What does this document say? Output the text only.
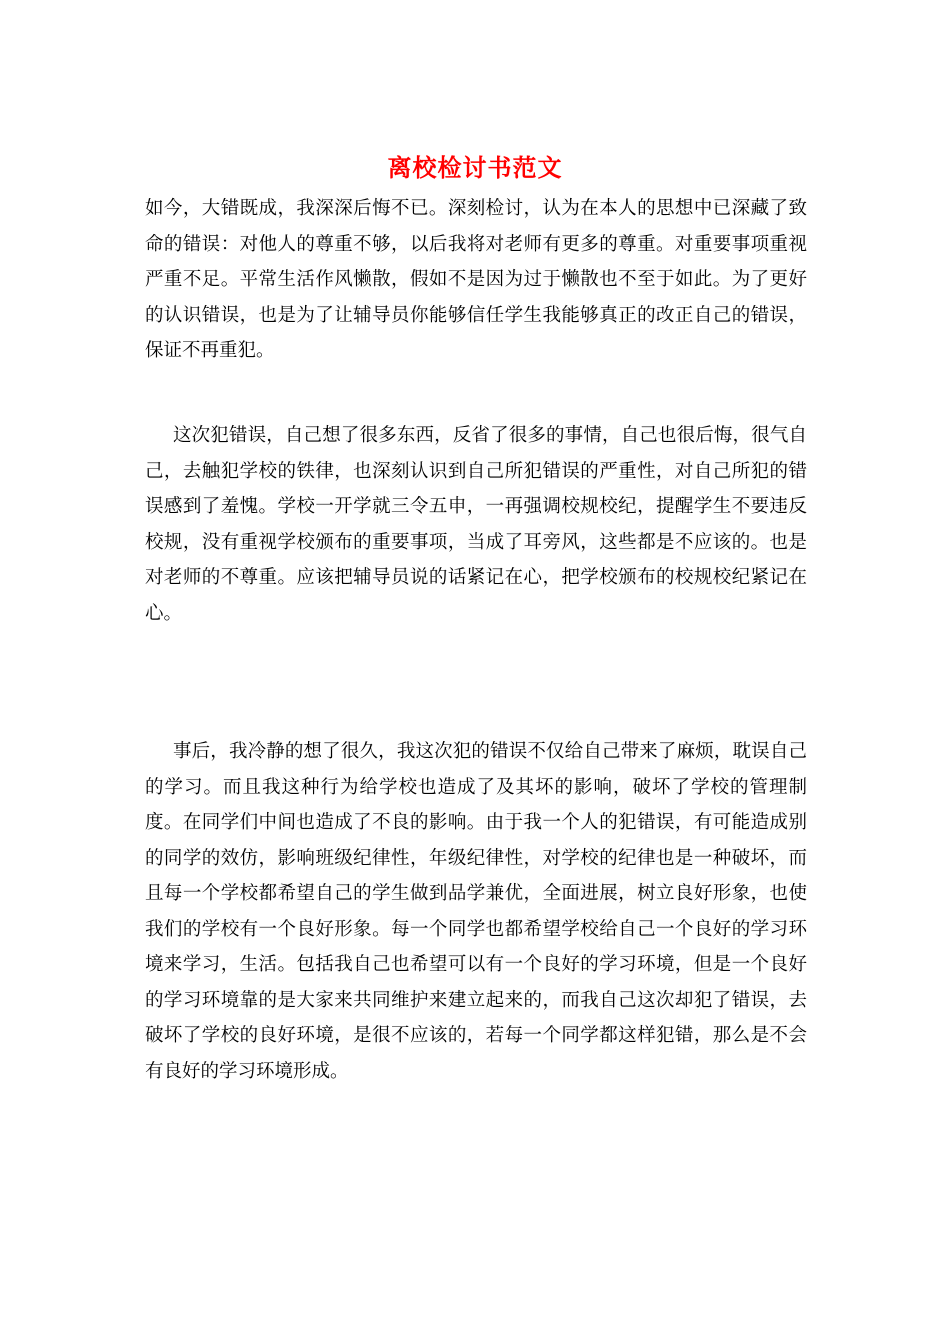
离校检讨书范文

如今，大错既成，我深深后悔不已。深刻检讨，认为在本人的思想中已深藏了致命的错误：对他人的尊重不够，以后我将对老师有更多的尊重。对重要事项重视严重不足。平常生活作风懒散，假如不是因为过于懒散也不至于如此。为了更好的认识错误，也是为了让辅导员你能够信任学生我能够真正的改正自己的错误，保证不再重犯。

这次犯错误，自己想了很多东西，反省了很多的事情，自己也很后悔，很气自己，去触犯学校的铁律，也深刻认识到自己所犯错误的严重性，对自己所犯的错误感到了羞愧。学校一开学就三令五申，一再强调校规校纪，提醒学生不要违反校规，没有重视学校颁布的重要事项，当成了耳旁风，这些都是不应该的。也是对老师的不尊重。应该把辅导员说的话紧记在心，把学校颁布的校规校纪紧记在心。

事后，我冷静的想了很久，我这次犯的错误不仅给自己带来了麻烦，耽误自己的学习。而且我这种行为给学校也造成了及其坏的影响，破坏了学校的管理制度。在同学们中间也造成了不良的影响。由于我一个人的犯错误，有可能造成别的同学的效仿，影响班级纪律性，年级纪律性，对学校的纪律也是一种破坏，而且每一个学校都希望自己的学生做到品学兼优，全面进展，树立良好形象，也使我们的学校有一个良好形象。每一个同学也都希望学校给自己一个良好的学习环境来学习，生活。包括我自己也希望可以有一个良好的学习环境，但是一个良好的学习环境靠的是大家来共同维护来建立起来的，而我自己这次却犯了错误，去破坏了学校的良好环境，是很不应该的，若每一个同学都这样犯错，那么是不会有良好的学习环境形成。
